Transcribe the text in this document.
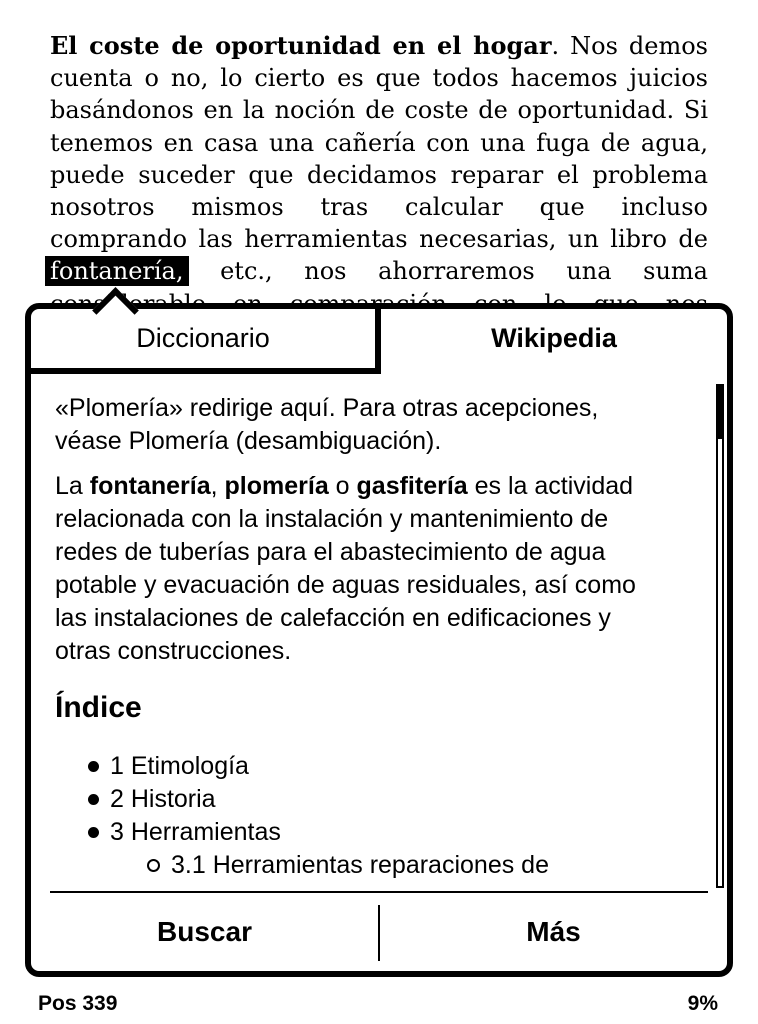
El coste de oportunidad en el hogar. Nos demos
cuenta o no, lo cierto es que todos hacemos juicios
basándonos en la noción de coste de oportunidad. Si
tenemos en casa una cañería con una fuga de agua,
puede suceder que decidamos reparar el problema
nosotros mismos tras calcular que incluso
comprando las herramientas necesarias, un libro de
fontanería, etc., nos ahorraremos una suma
Diccionario	Wikipedia
«Plomería» redirige aquí. Para otras acepciones,
véase Plomería (desambiguación).
La fontanería, plomería o gasfitería es la actividad
relacionada con la instalación y mantenimiento de
redes de tuberías para el abastecimiento de agua
potable y evacuación de aguas residuales, así como
las instalaciones de calefacción en edificaciones y
otras construcciones.
Índice
1 Etimología
2 Historia
3 Herramientas
3.1 Herramientas reparaciones de
Buscar	Más
Pos 339	9%
